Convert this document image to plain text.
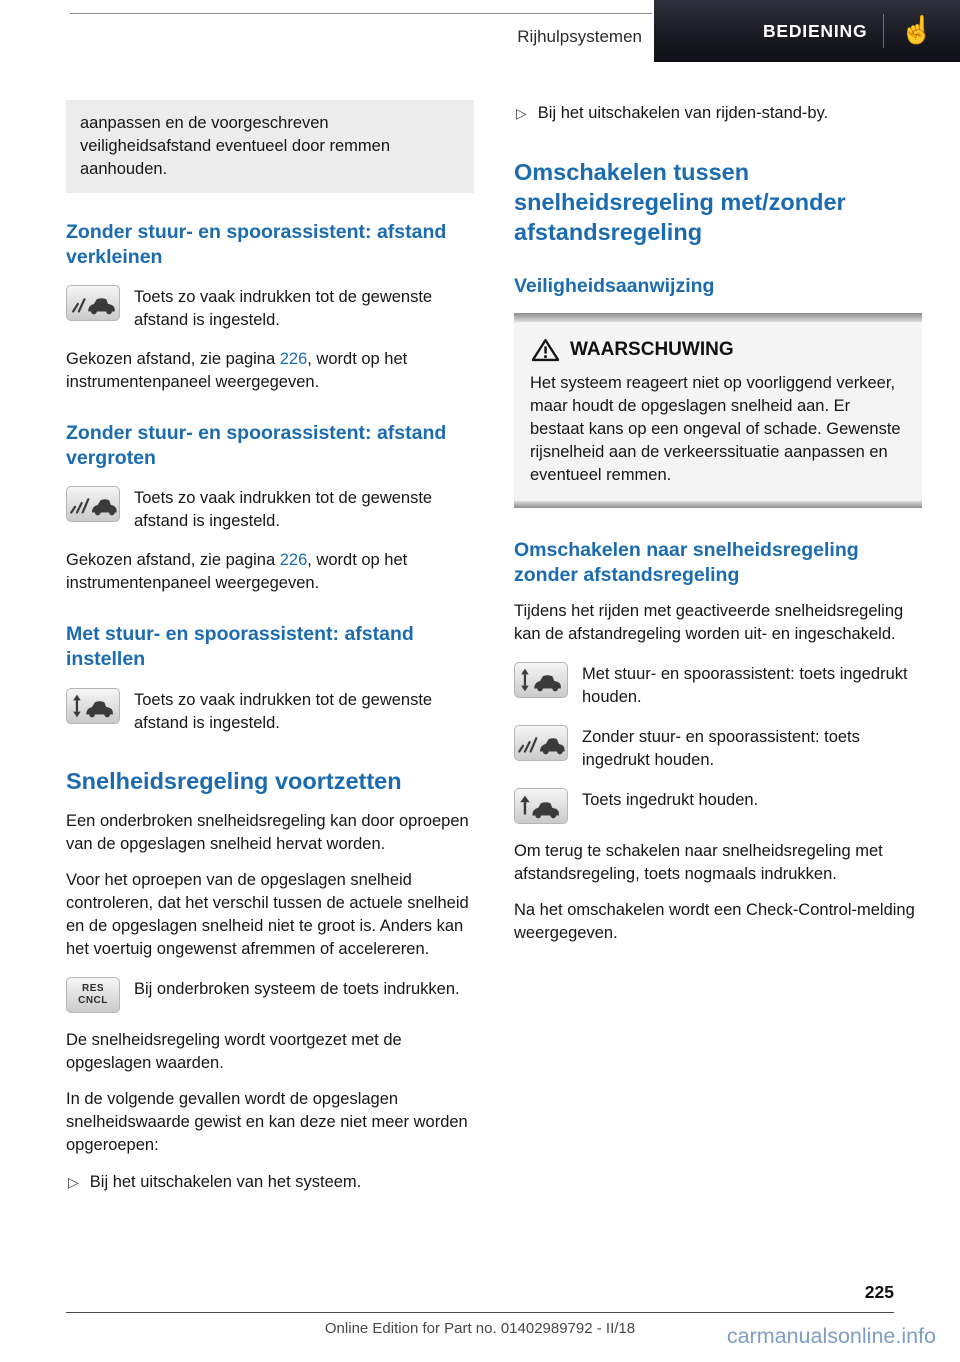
Rijhulpsystemen	BEDIENING ☝
aanpassen en de voorgeschreven veiligheidsafstand eventueel door remmen aanhouden.
Zonder stuur- en spoorassistent: afstand verkleinen
Toets zo vaak indrukken tot de gewenste afstand is ingesteld.

Gekozen afstand, zie pagina 226, wordt op het instrumentenpaneel weergegeven.

Zonder stuur- en spoorassistent: afstand vergroten
Toets zo vaak indrukken tot de gewenste afstand is ingesteld.

Gekozen afstand, zie pagina 226, wordt op het instrumentenpaneel weergegeven.

Met stuur- en spoorassistent: afstand instellen
Toets zo vaak indrukken tot de gewenste afstand is ingesteld.
Snelheidsregeling voortzetten

Een onderbroken snelheidsregeling kan door oproepen van de opgeslagen snelheid hervat worden.

Voor het oproepen van de opgeslagen snelheid controleren, dat het verschil tussen de actuele snelheid en de opgeslagen snelheid niet te groot is. Anders kan het voertuig ongewenst afremmen of accelereren.

RES
CNCL
Bij onderbroken systeem de toets indrukken.

De snelheidsregeling wordt voortgezet met de opgeslagen waarden.

In de volgende gevallen wordt de opgeslagen snelheidswaarde gewist en kan deze niet meer worden opgeroepen:

▷ Bij het uitschakelen van het systeem.
▷ Bij het uitschakelen van rijden-stand-by.
Omschakelen tussen snelheidsregeling met/zonder afstandsregeling
Veiligheidsaanwijzing
WAARSCHUWING

Het systeem reageert niet op voorliggend verkeer, maar houdt de opgeslagen snelheid aan. Er bestaat kans op een ongeval of schade. Gewenste rijsnelheid aan de verkeerssituatie aanpassen en eventueel remmen.

Omschakelen naar snelheidsregeling zonder afstandsregeling

Tijdens het rijden met geactiveerde snelheidsregeling kan de afstandregeling worden uit- en ingeschakeld.

Met stuur- en spoorassistent: toets ingedrukt houden.
Zonder stuur- en spoorassistent: toets ingedrukt houden.
Toets ingedrukt houden.

Om terug te schakelen naar snelheidsregeling met afstandsregeling, toets nogmaals indrukken.

Na het omschakelen wordt een Check-Control-melding weergegeven.

225
Online Edition for Part no. 01402989792 - II/18	carmanualsonline.info
